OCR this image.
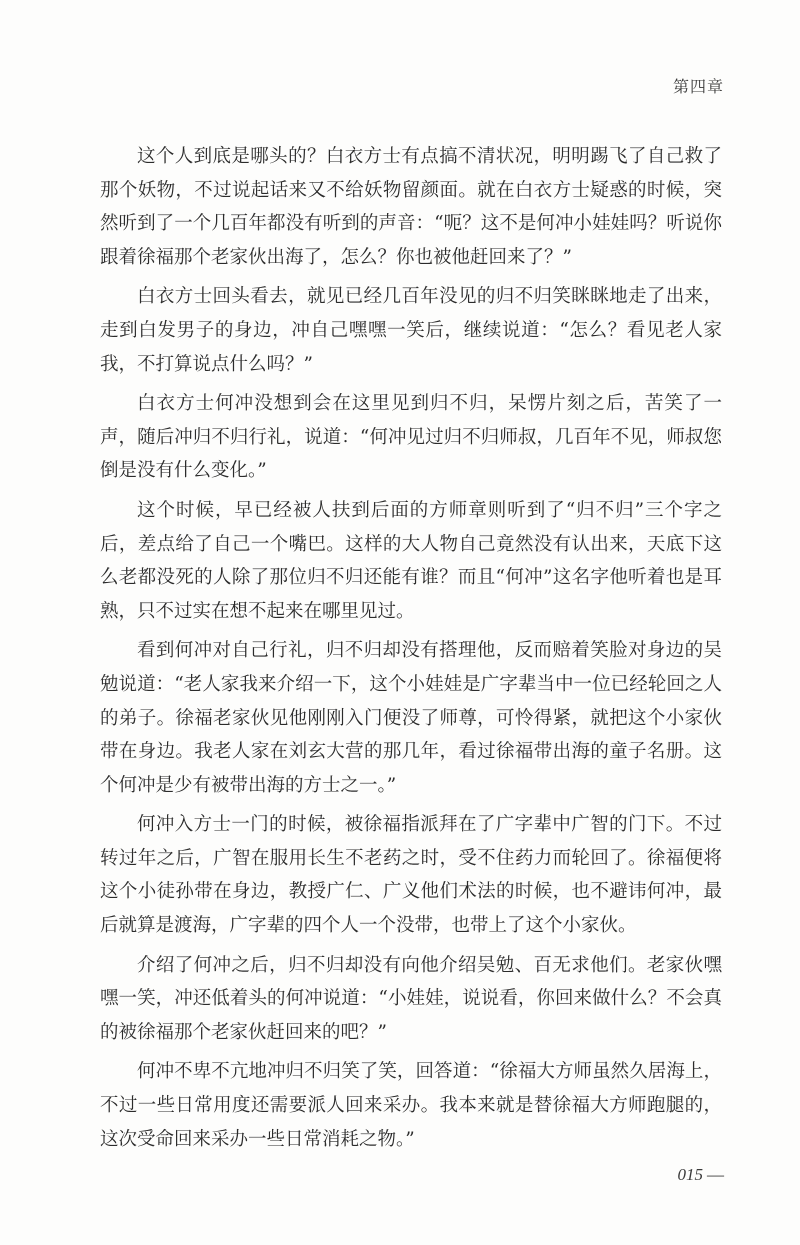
第四章

这个人到底是哪头的？白衣方士有点搞不清状况，明明踢飞了自己救了那个妖物，不过说起话来又不给妖物留颜面。就在白衣方士疑惑的时候，突然听到了一个几百年都没有听到的声音：“呃？这不是何冲小娃娃吗？听说你跟着徐福那个老家伙出海了，怎么？你也被他赶回来了？”

白衣方士回头看去，就见已经几百年没见的归不归笑眯眯地走了出来，走到白发男子的身边，冲自己嘿嘿一笑后，继续说道：“怎么？看见老人家我，不打算说点什么吗？”

白衣方士何冲没想到会在这里见到归不归，呆愣片刻之后，苦笑了一声，随后冲归不归行礼，说道：“何冲见过归不归师叔，几百年不见，师叔您倒是没有什么变化。”

这个时候，早已经被人扶到后面的方师章则听到了“归不归”三个字之后，差点给了自己一个嘴巴。这样的大人物自己竟然没有认出来，天底下这么老都没死的人除了那位归不归还能有谁？而且“何冲”这名字他听着也是耳熟，只不过实在想不起来在哪里见过。

看到何冲对自己行礼，归不归却没有搭理他，反而赔着笑脸对身边的吴勉说道：“老人家我来介绍一下，这个小娃娃是广字辈当中一位已经轮回之人的弟子。徐福老家伙见他刚刚入门便没了师尊，可怜得紧，就把这个小家伙带在身边。我老人家在刘玄大营的那几年，看过徐福带出海的童子名册。这个何冲是少有被带出海的方士之一。”

何冲入方士一门的时候，被徐福指派拜在了广字辈中广智的门下。不过转过年之后，广智在服用长生不老药之时，受不住药力而轮回了。徐福便将这个小徒孙带在身边，教授广仁、广义他们术法的时候，也不避讳何冲，最后就算是渡海，广字辈的四个人一个没带，也带上了这个小家伙。

介绍了何冲之后，归不归却没有向他介绍吴勉、百无求他们。老家伙嘿嘿一笑，冲还低着头的何冲说道：“小娃娃，说说看，你回来做什么？不会真的被徐福那个老家伙赶回来的吧？”

何冲不卑不亢地冲归不归笑了笑，回答道：“徐福大方师虽然久居海上，不过一些日常用度还需要派人回来采办。我本来就是替徐福大方师跑腿的，这次受命回来采办一些日常消耗之物。”

015 —
